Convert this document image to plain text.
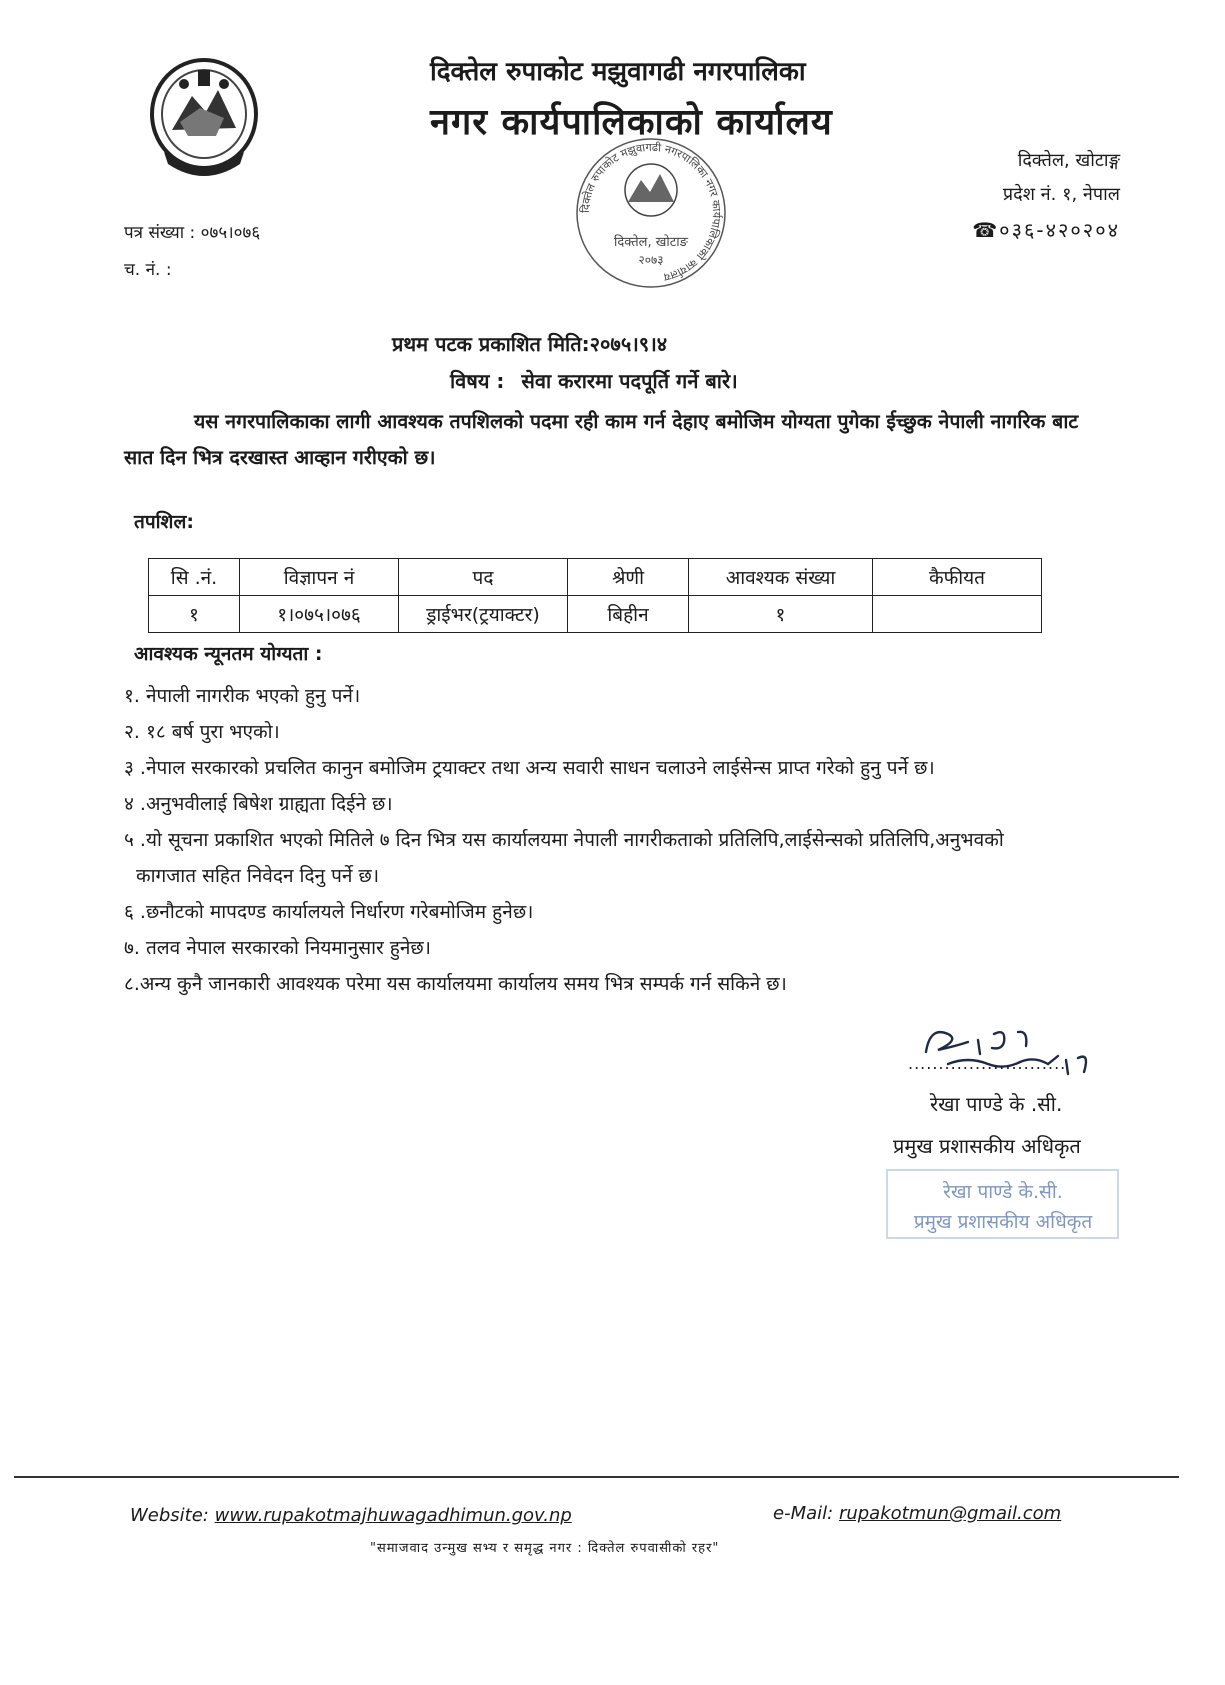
दिक्तेल रुपाकोट मझुवागढी नगरपालिका
नगर कार्यपालिकाको कार्यालय
दिक्तेल रुपाकोट मझुवागढी नगरपालिका नगर कार्यपालिकाको कार्यालय
दिक्तेल, खोटाङ
२०७३
दिक्तेल, खोटाङ्ग
प्रदेश नं. १, नेपाल
☎०३६-४२०२०४
पत्र संख्या : ०७५।०७६
च. नं. :
प्रथम पटक प्रकाशित मिति:२०७५।९।४
विषय : सेवा करारमा पदपूर्ति गर्ने बारे।
यस नगरपालिकाका लागी आवश्यक तपशिलको पदमा रही काम गर्न देहाए बमोजिम योग्यता पुगेका ईच्छुक नेपाली नागरिक बाट सात दिन भित्र दरखास्त आव्हान गरीएको छ।
तपशिल:
सि .नं.	विज्ञापन नं	पद	श्रेणी	आवश्यक संख्या	कैफीयत
१	१।०७५।०७६	ड्राईभर(ट्रयाक्टर)	बिहीन	१	
आवश्यक न्यूनतम योग्यता :
१. नेपाली नागरीक भएको हुनु पर्ने।
२. १८ बर्ष पुरा भएको।
३ .नेपाल सरकारको प्रचलित कानुन बमोजिम ट्रयाक्टर तथा अन्य सवारी साधन चलाउने लाईसेन्स प्राप्त गरेको हुनु पर्ने छ।
४ .अनुभवीलाई बिषेश ग्राह्यता दिईने छ।
५ .यो सूचना प्रकाशित भएको मितिले ७ दिन भित्र यस कार्यालयमा नेपाली नागरीकताको प्रतिलिपि,लाईसेन्सको प्रतिलिपि,अनुभवको कागजात सहित निवेदन दिनु पर्ने छ।
६ .छनौटको मापदण्ड कार्यालयले निर्धारण गरेबमोजिम हुनेछ।
७. तलव नेपाल सरकारको नियमानुसार हुनेछ।
८.अन्य कुनै जानकारी आवश्यक परेमा यस कार्यालयमा कार्यालय समय भित्र सम्पर्क गर्न सकिने छ।
..........................
रेखा पाण्डे के .सी.
प्रमुख प्रशासकीय अधिकृत
रेखा पाण्डे के.सी.
प्रमुख प्रशासकीय अधिकृत
Website: www.rupakotmajhuwagadhimun.gov.np	e-Mail: rupakotmun@gmail.com
"समाजवाद उन्मुख सभ्य र समृद्ध नगर : दिक्तेल रुपवासीको रहर"
